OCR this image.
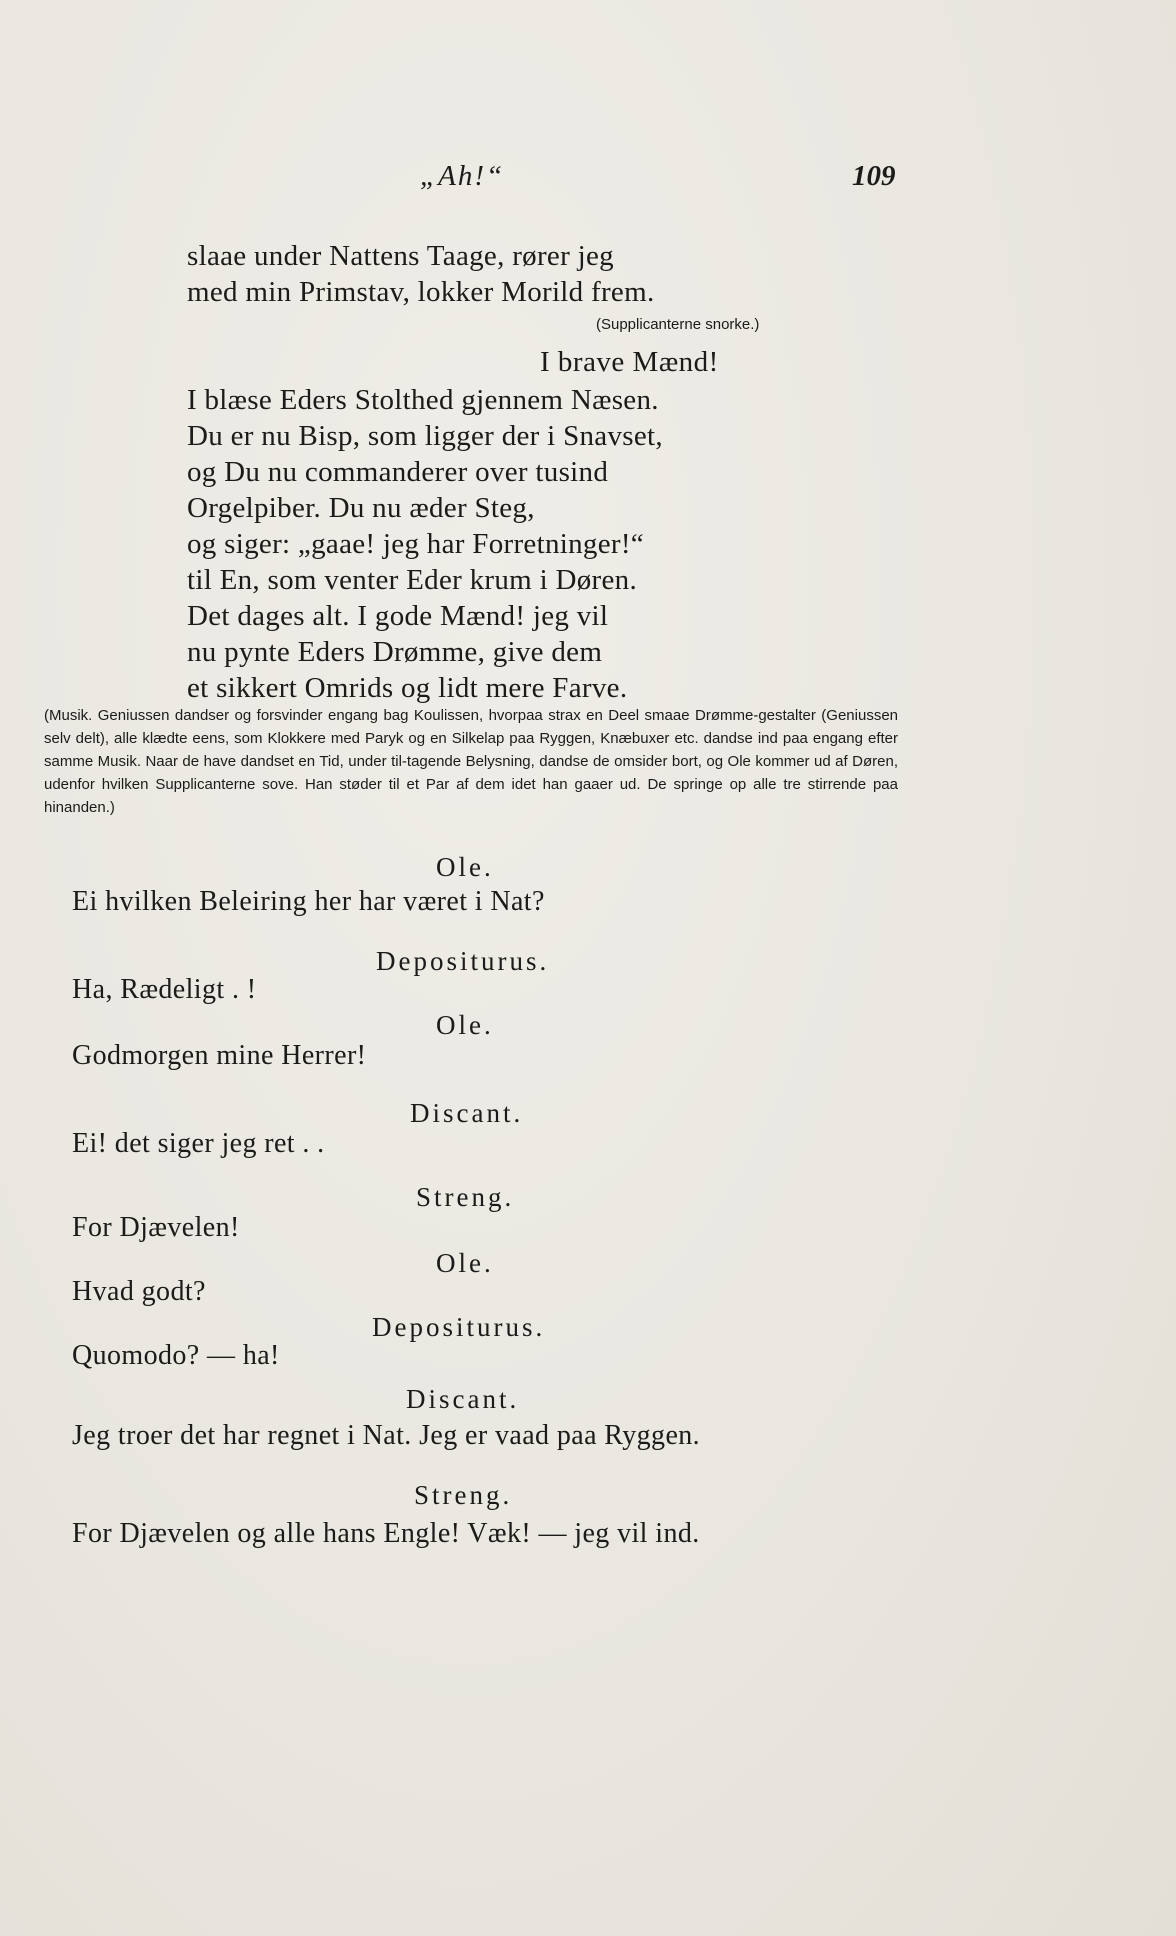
„Ah!“	109
slaae under Nattens Taage, rører jeg
med min Primstav, lokker Morild frem.
(Supplicanterne snorke.)
I brave Mænd!
I blæse Eders Stolthed gjennem Næsen.
Du er nu Bisp, som ligger der i Snavset,
og Du nu commanderer over tusind
Orgelpiber. Du nu æder Steg,
og siger: „gaae! jeg har Forretninger!“
til En, som venter Eder krum i Døren.
Det dages alt. I gode Mænd! jeg vil
nu pynte Eders Drømme, give dem
et sikkert Omrids og lidt mere Farve.
(Musik. Geniussen dandser og forsvinder engang bag Koulissen, hvorpaa strax en Deel smaae Drømme-gestalter (Geniussen selv delt), alle klædte eens, som Klokkere med Paryk og en Silkelap paa Ryggen, Knæbuxer etc. dandse ind paa engang efter samme Musik. Naar de have dandset en Tid, under til-tagende Belysning, dandse de omsider bort, og Ole kommer ud af Døren, udenfor hvilken Supplicanterne sove. Han støder til et Par af dem idet han gaaer ud. De springe op alle tre stirrende paa hinanden.)
Ole.
Ei hvilken Beleiring her har været i Nat?
Depositurus.
Ha, Rædeligt . !
Ole.
Godmorgen mine Herrer!
Discant.
Ei! det siger jeg ret . .
Streng.
For Djævelen!
Ole.
Hvad godt?
Depositurus.
Quomodo? — ha!
Discant.
Jeg troer det har regnet i Nat. Jeg er vaad paa Ryggen.
Streng.
For Djævelen og alle hans Engle! Væk! — jeg vil ind.
